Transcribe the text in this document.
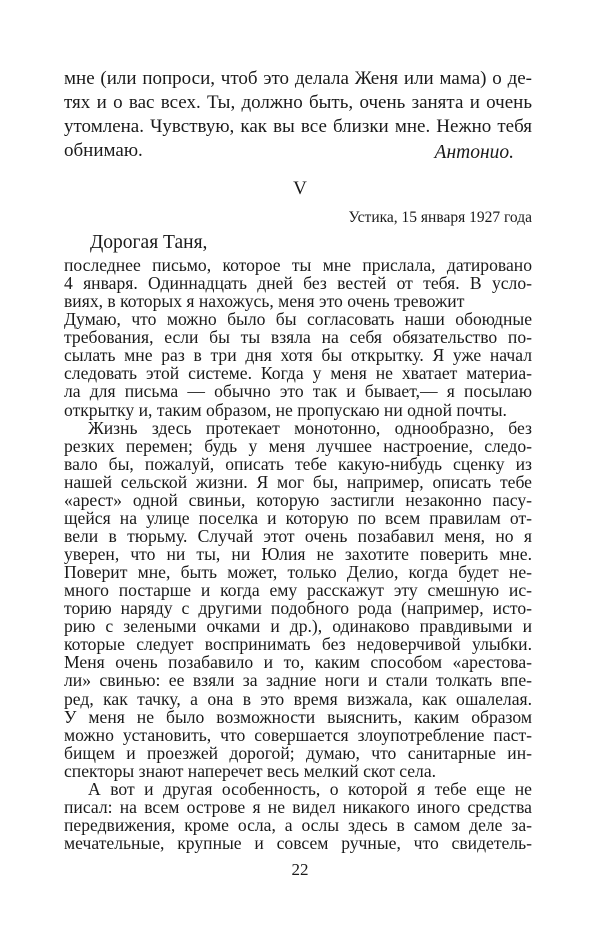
мне (или попроси, чтоб это делала Женя или мама) о де-
тях и о вас всех. Ты, должно быть, очень занята и очень
утомлена. Чувствую, как вы все близки мне. Нежно тебя
обнимаю.	Антонио.
V
Устика, 15 января 1927 года
Дорогая Таня,
последнее письмо, которое ты мне прислала, датировано
4 января. Одиннадцать дней без вестей от тебя. В усло-
виях, в которых я нахожусь, меня это очень тревожит
Думаю, что можно было бы согласовать наши обоюдные
требования, если бы ты взяла на себя обязательство по-
сылать мне раз в три дня хотя бы открытку. Я уже начал
следовать этой системе. Когда у меня не хватает материа-
ла для письма — обычно это так и бывает,— я посылаю
открытку и, таким образом, не пропускаю ни одной почты.
Жизнь здесь протекает монотонно, однообразно, без
резких перемен; будь у меня лучшее настроение, следо-
вало бы, пожалуй, описать тебе какую-нибудь сценку из
нашей сельской жизни. Я мог бы, например, описать тебе
«арест» одной свиньи, которую застигли незаконно пасу-
щейся на улице поселка и которую по всем правилам от-
вели в тюрьму. Случай этот очень позабавил меня, но я
уверен, что ни ты, ни Юлия не захотите поверить мне.
Поверит мне, быть может, только Делио, когда будет не-
много постарше и когда ему расскажут эту смешную ис-
торию наряду с другими подобного рода (например, исто-
рию с зелеными очками и др.), одинаково правдивыми и
которые следует воспринимать без недоверчивой улыбки.
Меня очень позабавило и то, каким способом «арестова-
ли» свинью: ее взяли за задние ноги и стали толкать впе-
ред, как тачку, а она в это время визжала, как ошалелая.
У меня не было возможности выяснить, каким образом
можно установить, что совершается злоупотребление паст-
бищем и проезжей дорогой; думаю, что санитарные ин-
спекторы знают наперечет весь мелкий скот села.
А вот и другая особенность, о которой я тебе еще не
писал: на всем острове я не видел никакого иного средства
передвижения, кроме осла, а ослы здесь в самом деле за-
мечательные, крупные и совсем ручные, что свидетель-
22
